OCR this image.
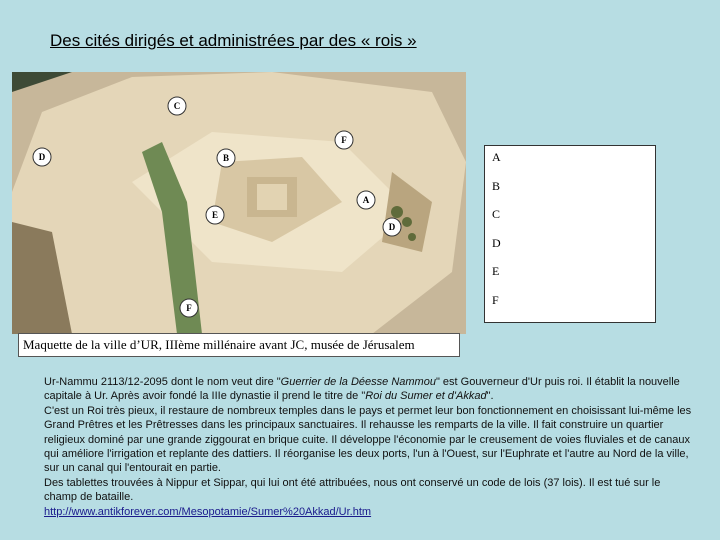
Des cités dirigés et administrées par des « rois »
C
F
D	B
A
E
D
F
Maquette de la ville d’UR, IIIème millénaire avant JC, musée de Jérusalem
A
B
C
D
E
F

Ur-Nammu 2113/12-2095 dont le nom veut dire "Guerrier de la Déesse Nammou" est Gouverneur d'Ur puis roi. Il établit la nouvelle capitale à Ur. Après avoir fondé la IIIe dynastie il prend le titre de "Roi du Sumer et d'Akkad".

C'est un Roi très pieux, il restaure de nombreux temples dans le pays et permet leur bon fonctionnement en choisissant lui-même les Grand Prêtres et les Prêtresses dans les principaux sanctuaires. Il rehausse les remparts de la ville. Il fait construire un quartier religieux dominé par une grande ziggourat en brique cuite. Il développe l'économie par le creusement de voies fluviales et de canaux qui améliore l'irrigation et replante des dattiers. Il réorganise les deux ports, l'un à l'Ouest, sur l'Euphrate et l'autre au Nord de la ville, sur un canal qui l'entourait en partie.

Des tablettes trouvées à Nippur et Sippar, qui lui ont été attribuées, nous ont conservé un code de lois (37 lois). Il est tué sur le champ de bataille.

http://www.antikforever.com/Mesopotamie/Sumer%20Akkad/Ur.htm
